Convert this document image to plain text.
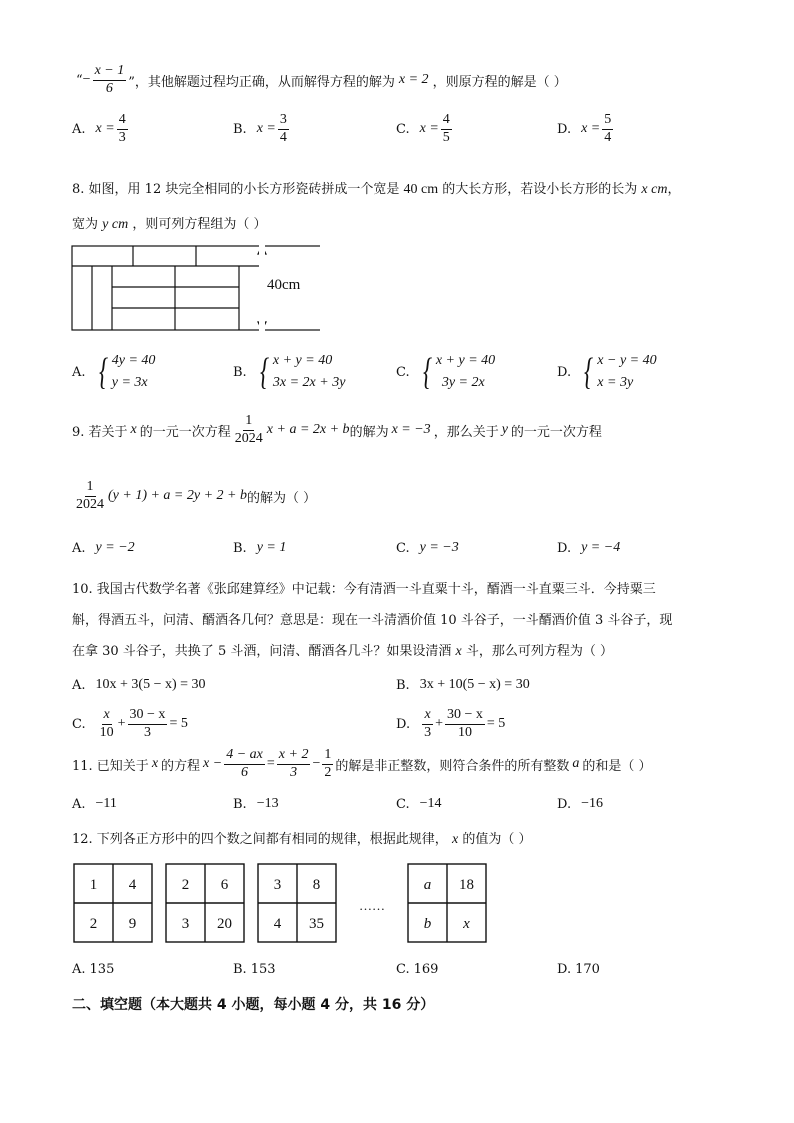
“ − $\frac{x - 1}{6}$ ”，其他解题过程均正确，从而解得方程的解为 x = 2 ，则原方程的解是（ ）
A. $x = \frac{4}{3}$	B. $x = \frac{3}{4}$	C. $x = \frac{4}{5}$	D. $x = \frac{5}{4}$
8. 如图，用 12 块完全相同的小长方形瓷砖拼成一个宽是 40 cm 的大长方形，若设小长方形的长为 x cm，
宽为 y cm ，则可列方程组为（ ）
40cm
A. { 4y = 40
y = 3x
B. { x + y = 40
3x = 2x + 3y
C. { x + y = 40
3y = 2x
D. { x − y = 40
x = 3y
9. 若关于 x 的一元一次方程 $\frac{1}{2024}$ x + a = 2x + b 的解为 x = −3 ，那么关于 y 的一元一次方程
$\frac{1}{2024} (y + 1) + a = 2y + 2 + b$ 的解为（ ）
A. y = −2	B. y = 1	C. y = −3	D. y = −4
10. 我国古代数学名著《张邱建算经》中记载：今有清酒一斗直粟十斗，醑酒一斗直粟三斗．今持粟三
斛，得酒五斗，问清、醑酒各几何？意思是：现在一斗清酒价值 10 斗谷子，一斗醑酒价值 3 斗谷子，现
在拿 30 斗谷子，共换了 5 斗酒，问清、醑酒各几斗？如果设清酒 x 斗，那么可列方程为（ ）
A. 10x + 3(5 − x) = 30	B. 3x + 10(5 − x) = 30
C. $\frac{x}{10} + \frac{30 - x}{3} = 5$	D. $\frac{x}{3} + \frac{30 - x}{10} = 5$
11. 已知关于 x 的方程 $x - \frac{4 - ax}{6} = \frac{x + 2}{3} - \frac{1}{2}$ 的解是非正整数，则符合条件的所有整数 a 的和是（ ）
A. −11	B. −13	C. −14	D. −16
12. 下列各正方形中的四个数之间都有相同的规律，根据此规律， x 的值为（ ）
1 4
2 9
2 6
3 20
3 8
4 35
……
a 18
b x
A. 135	B. 153	C. 169	D. 170
二、填空题（本大题共 4 小题，每小题 4 分，共 16 分）
